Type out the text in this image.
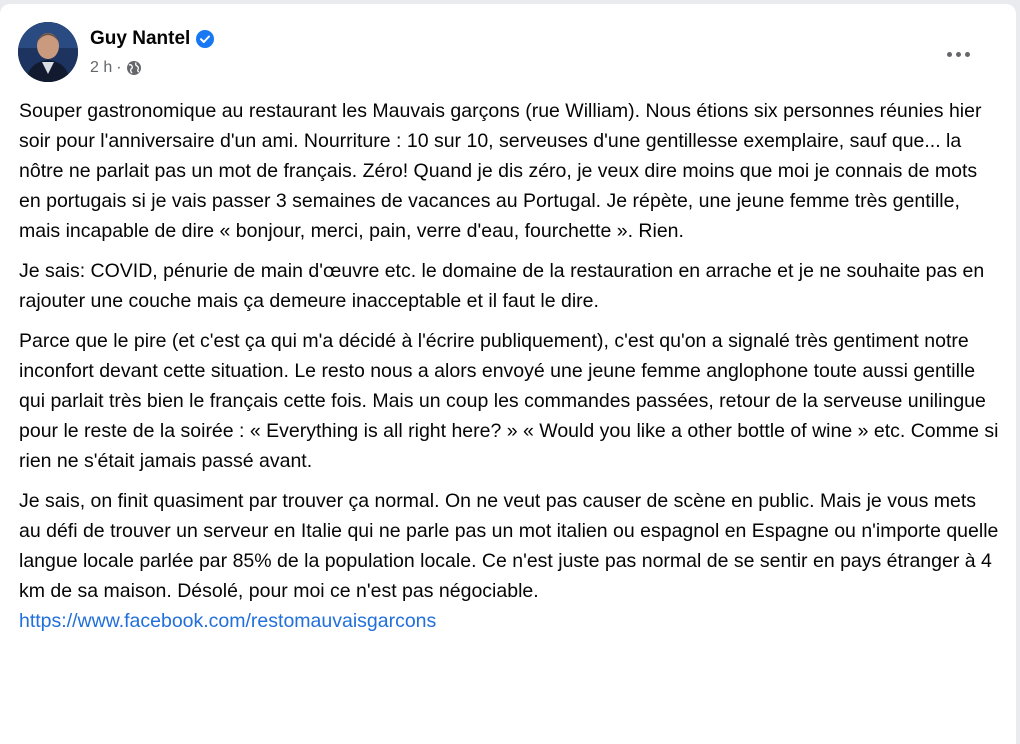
Guy Nantel
2 h ·

Souper gastronomique au restaurant les Mauvais garçons (rue William). Nous étions six personnes réunies hier soir pour l'anniversaire d'un ami. Nourriture : 10 sur 10, serveuses d'une gentillesse exemplaire, sauf que... la nôtre ne parlait pas un mot de français. Zéro! Quand je dis zéro, je veux dire moins que moi je connais de mots en portugais si je vais passer 3 semaines de vacances au Portugal. Je répète, une jeune femme très gentille, mais incapable de dire « bonjour, merci, pain, verre d'eau, fourchette ». Rien.

Je sais: COVID, pénurie de main d'œuvre etc. le domaine de la restauration en arrache et je ne souhaite pas en rajouter une couche mais ça demeure inacceptable et il faut le dire.

Parce que le pire (et c'est ça qui m'a décidé à l'écrire publiquement), c'est qu'on a signalé très gentiment notre inconfort devant cette situation. Le resto nous a alors envoyé une jeune femme anglophone toute aussi gentille qui parlait très bien le français cette fois. Mais un coup les commandes passées, retour de la serveuse unilingue pour le reste de la soirée : « Everything is all right here? » « Would you like a other bottle of wine » etc. Comme si rien ne s'était jamais passé avant.

Je sais, on finit quasiment par trouver ça normal. On ne veut pas causer de scène en public. Mais je vous mets au défi de trouver un serveur en Italie qui ne parle pas un mot italien ou espagnol en Espagne ou n'importe quelle langue locale parlée par 85% de la population locale. Ce n'est juste pas normal de se sentir en pays étranger à 4 km de sa maison. Désolé, pour moi ce n'est pas négociable.

https://www.facebook.com/restomauvaisgarcons
